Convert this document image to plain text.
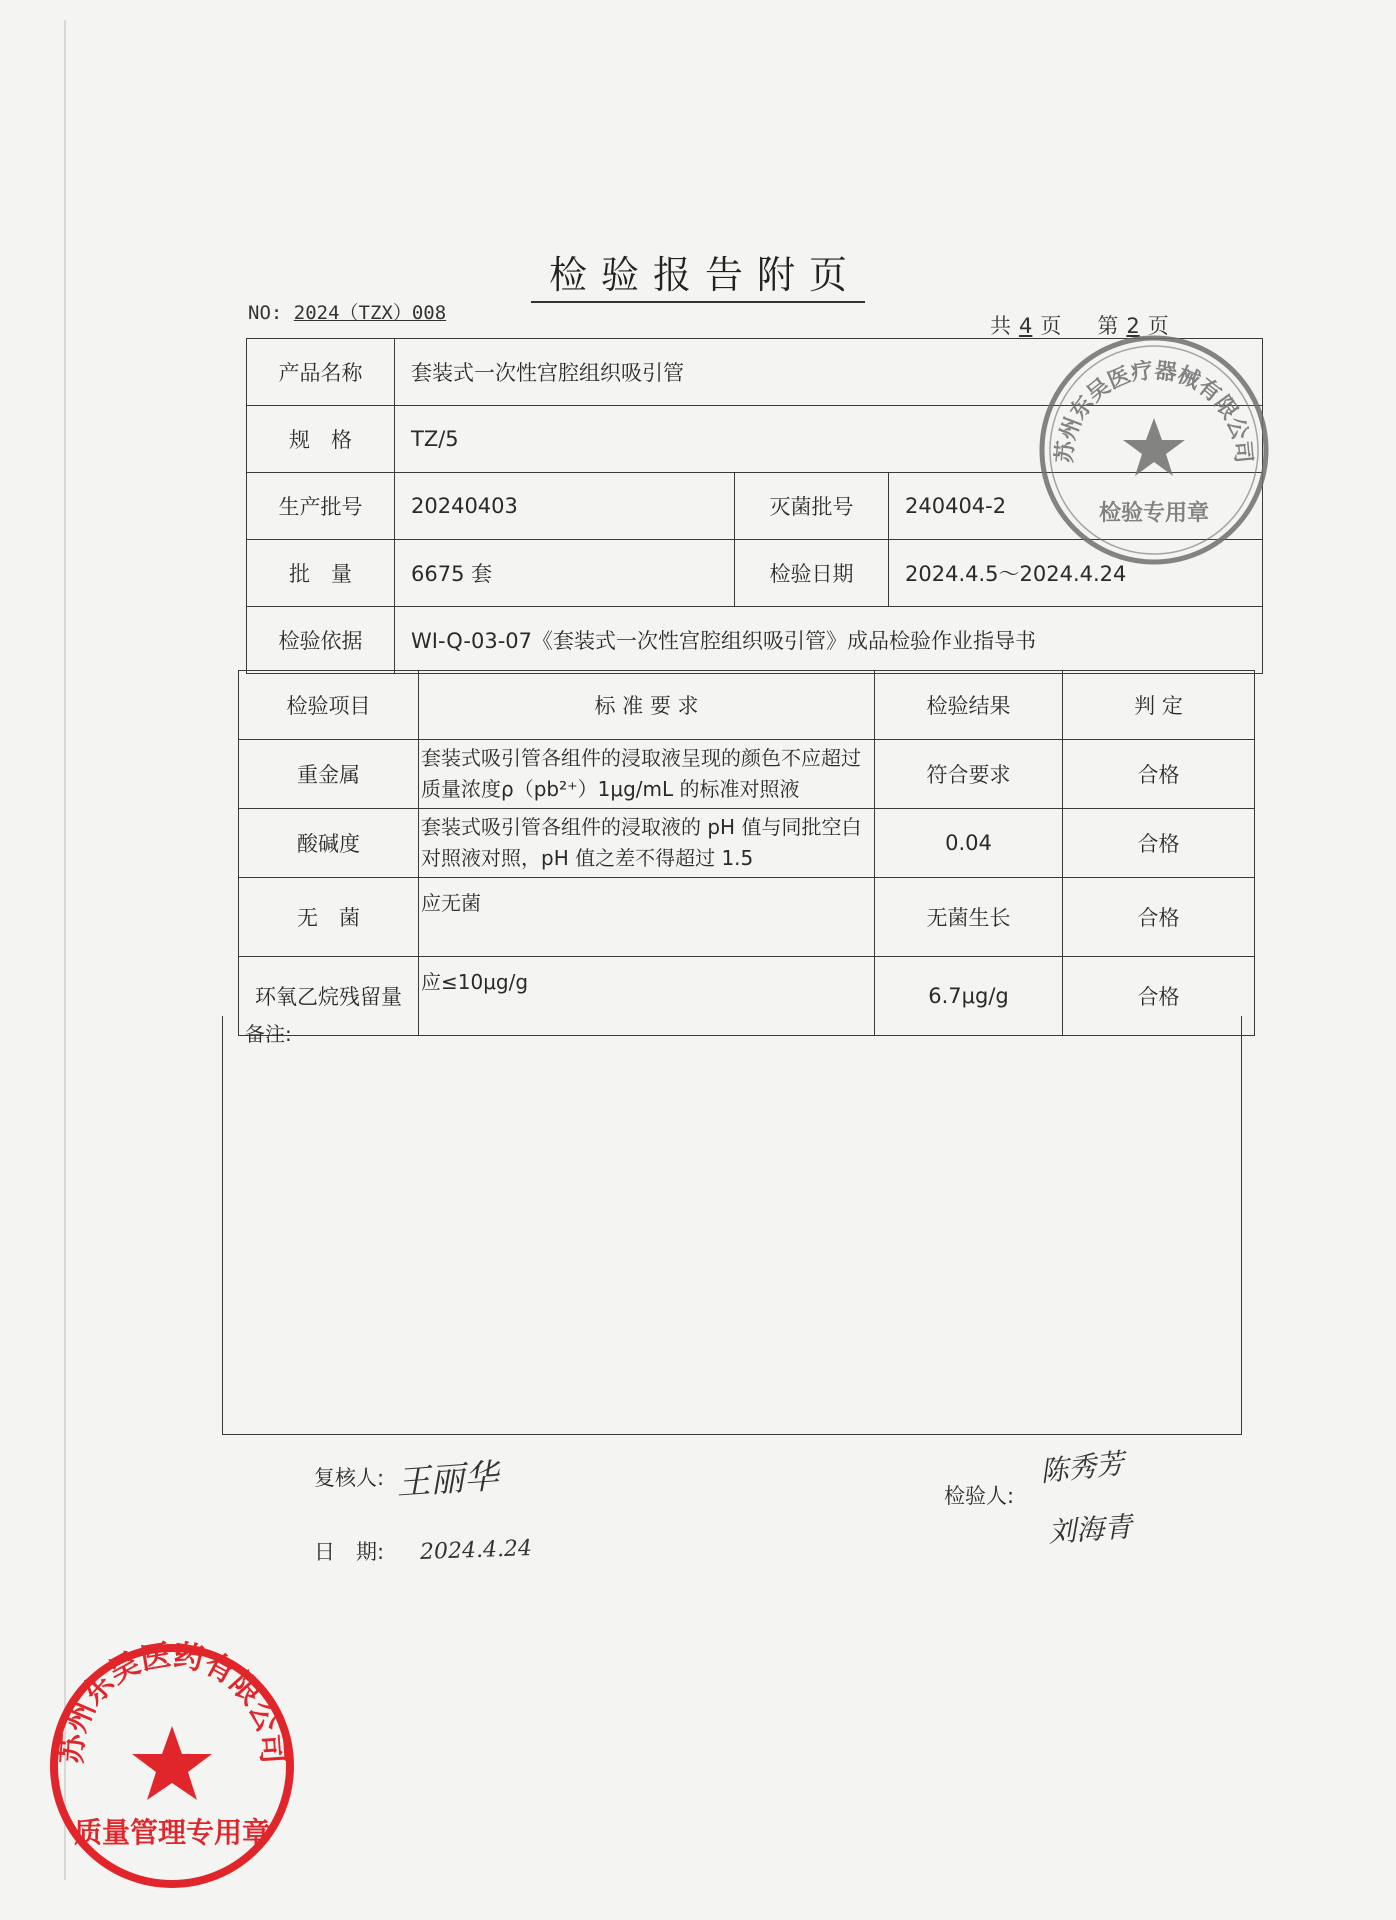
检验报告附页
NO: 2024（TZX）008
共 4 页 第 2 页
产品名称	套装式一次性宫腔组织吸引管		
规　格	TZ/5		
生产批号	20240403	灭菌批号	240404-2
批　量	6675 套	检验日期	2024.4.5～2024.4.24
检验依据	WI-Q-03-07《套装式一次性宫腔组织吸引管》成品检验作业指导书		
检验项目	标 准 要 求	检验结果	判 定
重金属	套装式吸引管各组件的浸取液呈现的颜色不应超过质量浓度ρ（pb²⁺）1μg/mL 的标准对照液	符合要求	合格
酸碱度	套装式吸引管各组件的浸取液的 pH 值与同批空白对照液对照，pH 值之差不得超过 1.5	0.04	合格
无　菌	应无菌	无菌生长	合格
环氧乙烷残留量	应≤10μg/g	6.7μg/g	合格
备注:
复核人: 王丽华
日　期: 2024.4.24
检验人:
陈秀芳
刘海青
苏州东吴医疗器械有限公司
检验专用章
苏州东吴医药有限公司
质量管理专用章
